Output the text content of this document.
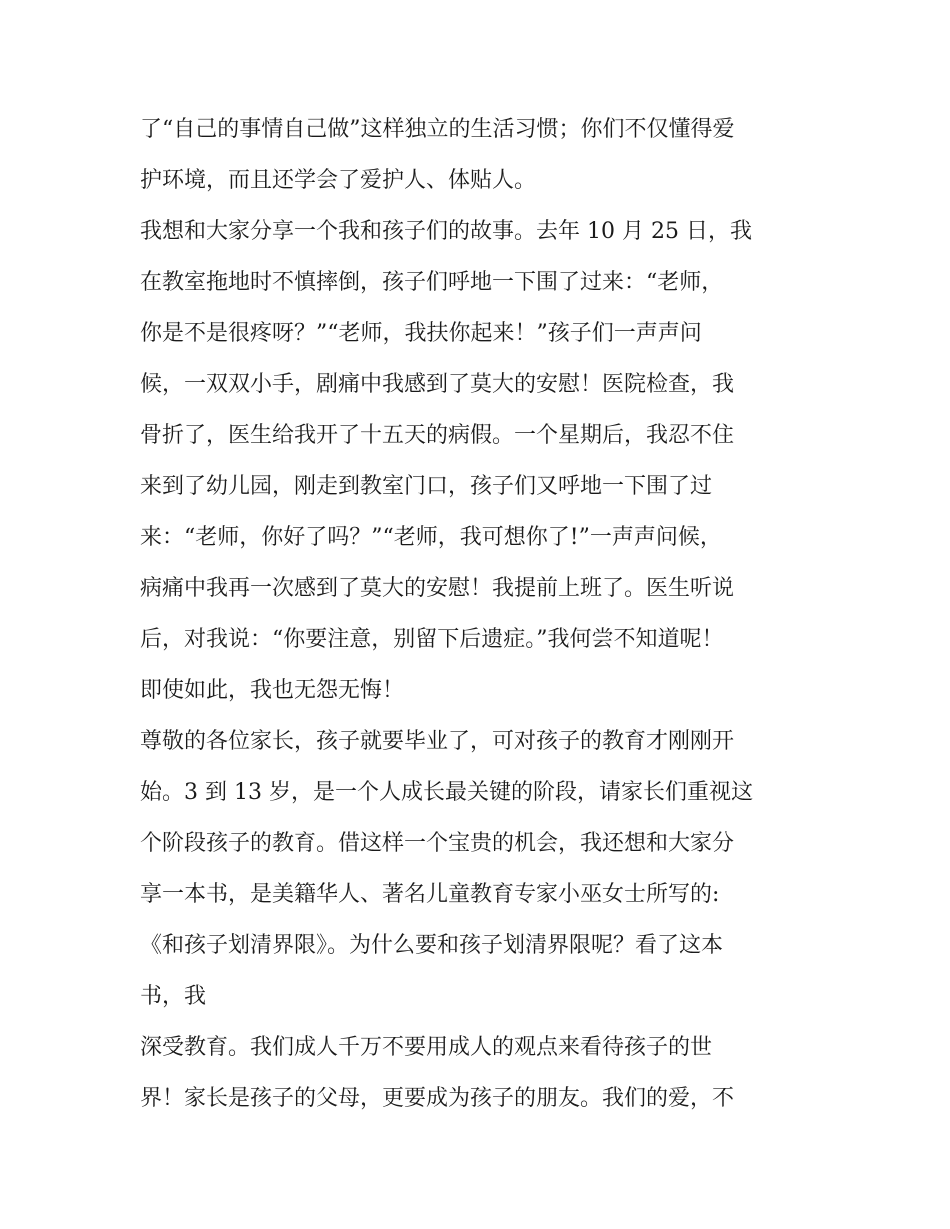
了“自己的事情自己做”这样独立的生活习惯；你们不仅懂得爱
护环境，而且还学会了爱护人、体贴人。
我想和大家分享一个我和孩子们的故事。去年 10 月 25 日，我
在教室拖地时不慎摔倒，孩子们呼地一下围了过来：“老师，
你是不是很疼呀？”“老师，我扶你起来！”孩子们一声声问
候，一双双小手，剧痛中我感到了莫大的安慰！医院检查，我
骨折了，医生给我开了十五天的病假。一个星期后，我忍不住
来到了幼儿园，刚走到教室门口，孩子们又呼地一下围了过
来：“老师，你好了吗？”“老师，我可想你了!”一声声问候，
病痛中我再一次感到了莫大的安慰！我提前上班了。医生听说
后，对我说：“你要注意，别留下后遗症。”我何尝不知道呢！
即使如此，我也无怨无悔！
尊敬的各位家长，孩子就要毕业了，可对孩子的教育才刚刚开
始。3 到 13 岁，是一个人成长最关键的阶段，请家长们重视这
个阶段孩子的教育。借这样一个宝贵的机会，我还想和大家分
享一本书，是美籍华人、著名儿童教育专家小巫女士所写的:
《和孩子划清界限》。为什么要和孩子划清界限呢？看了这本
书，我
深受教育。我们成人千万不要用成人的观点来看待孩子的世
界！家长是孩子的父母，更要成为孩子的朋友。我们的爱，不
